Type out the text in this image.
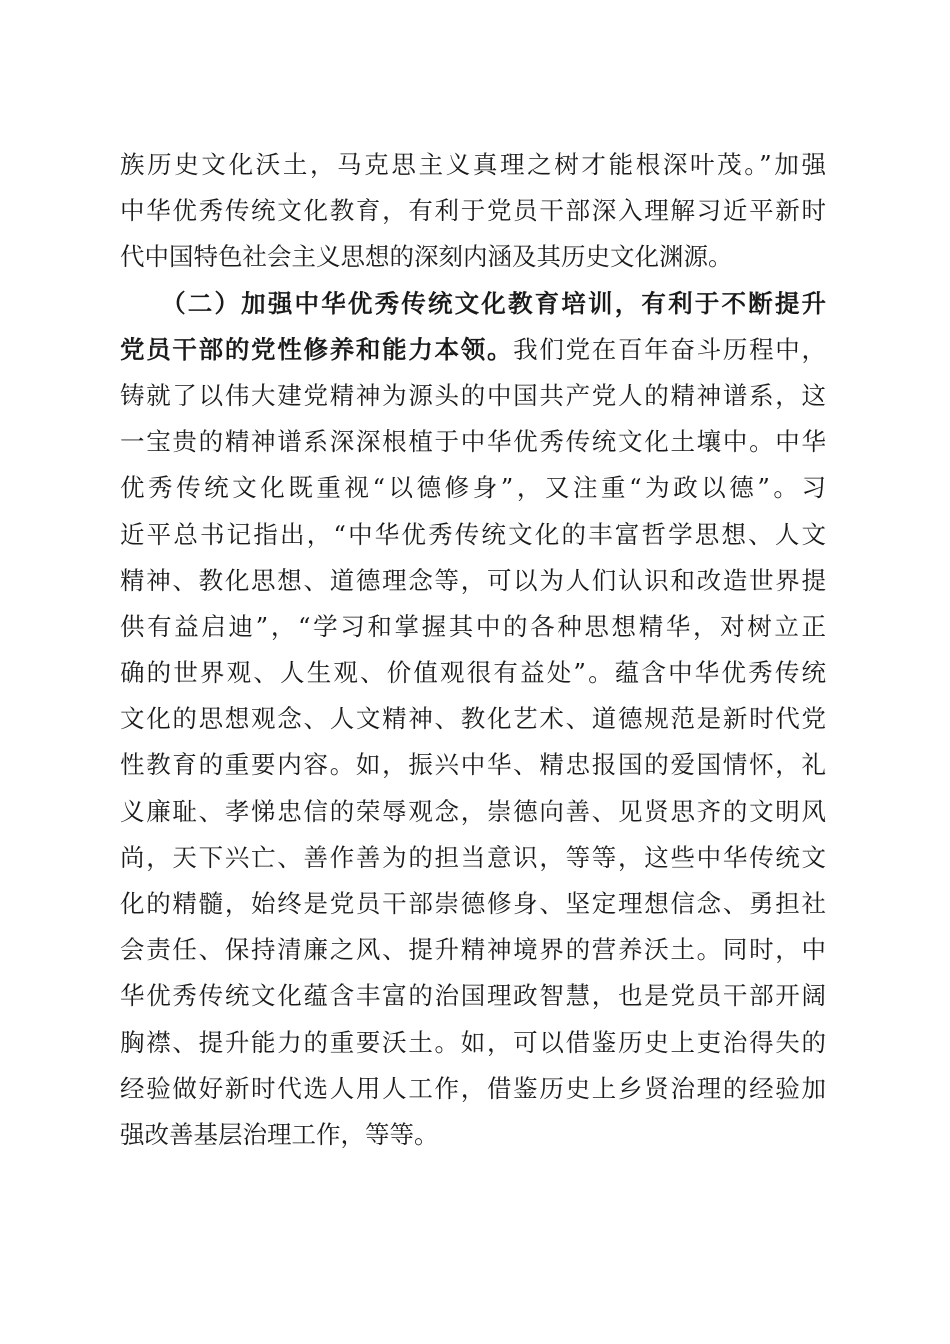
族历史文化沃土，马克思主义真理之树才能根深叶茂。”加强
中华优秀传统文化教育，有利于党员干部深入理解习近平新时
代中国特色社会主义思想的深刻内涵及其历史文化渊源。
　　（二）加强中华优秀传统文化教育培训，有利于不断提升
党员干部的党性修养和能力本领。我们党在百年奋斗历程中，
铸就了以伟大建党精神为源头的中国共产党人的精神谱系，这
一宝贵的精神谱系深深根植于中华优秀传统文化土壤中。中华
优秀传统文化既重视“以德修身”，又注重“为政以德”。习
近平总书记指出，“中华优秀传统文化的丰富哲学思想、人文
精神、教化思想、道德理念等，可以为人们认识和改造世界提
供有益启迪”，“学习和掌握其中的各种思想精华，对树立正
确的世界观、人生观、价值观很有益处”。蕴含中华优秀传统
文化的思想观念、人文精神、教化艺术、道德规范是新时代党
性教育的重要内容。如，振兴中华、精忠报国的爱国情怀，礼
义廉耻、孝悌忠信的荣辱观念，崇德向善、见贤思齐的文明风
尚，天下兴亡、善作善为的担当意识，等等，这些中华传统文
化的精髓，始终是党员干部崇德修身、坚定理想信念、勇担社
会责任、保持清廉之风、提升精神境界的营养沃土。同时，中
华优秀传统文化蕴含丰富的治国理政智慧，也是党员干部开阔
胸襟、提升能力的重要沃土。如，可以借鉴历史上吏治得失的
经验做好新时代选人用人工作，借鉴历史上乡贤治理的经验加
强改善基层治理工作，等等。
